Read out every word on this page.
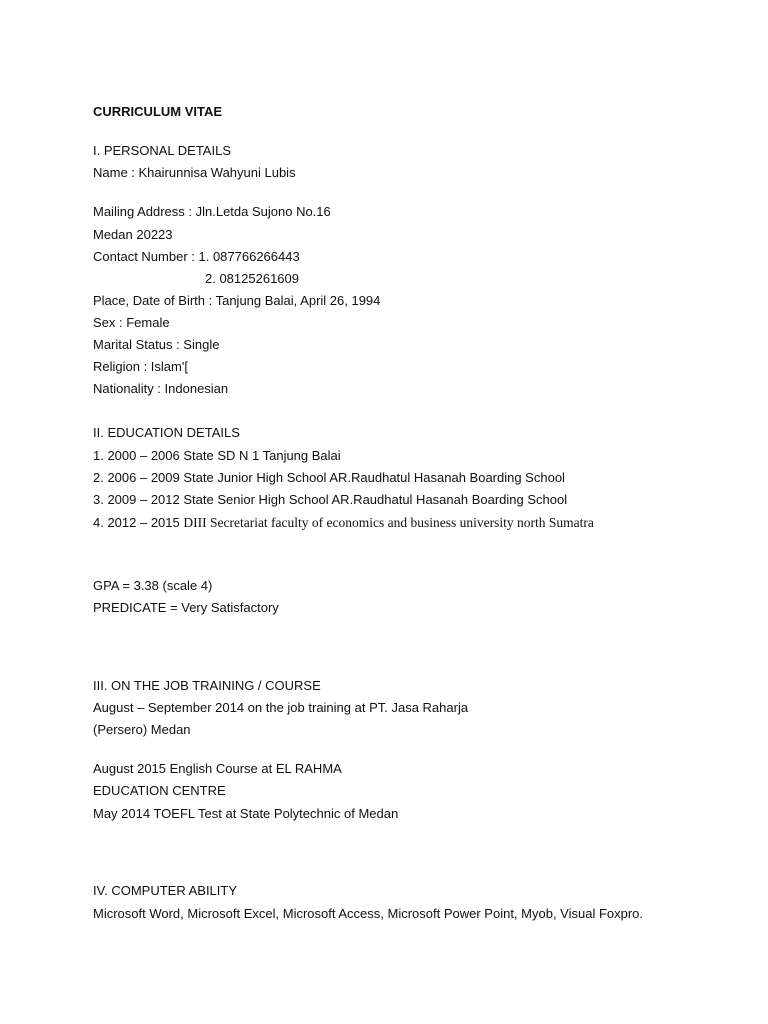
CURRICULUM VITAE
I. PERSONAL DETAILS
Name : Khairunnisa Wahyuni Lubis
Mailing Address : Jln.Letda Sujono No.16
Medan 20223
Contact Number : 1. 087766266443
2. 08125261609
Place, Date of Birth : Tanjung Balai, April 26, 1994
Sex : Female
Marital Status : Single
Religion : Islam'[
Nationality : Indonesian
II. EDUCATION DETAILS
1. 2000 – 2006 State SD N 1 Tanjung Balai
2. 2006 – 2009 State Junior High School AR.Raudhatul Hasanah Boarding School
3. 2009 – 2012 State Senior High School AR.Raudhatul Hasanah Boarding School
4. 2012 – 2015 DIII Secretariat faculty of economics and business university north Sumatra
GPA = 3.38 (scale 4)
PREDICATE = Very Satisfactory
III. ON THE JOB TRAINING / COURSE
August – September 2014 on the job training at PT. Jasa Raharja
(Persero) Medan
August 2015 English Course at EL RAHMA
EDUCATION CENTRE
May 2014 TOEFL Test at State Polytechnic of Medan
IV. COMPUTER ABILITY
Microsoft Word, Microsoft Excel, Microsoft Access, Microsoft Power Point, Myob, Visual Foxpro.
